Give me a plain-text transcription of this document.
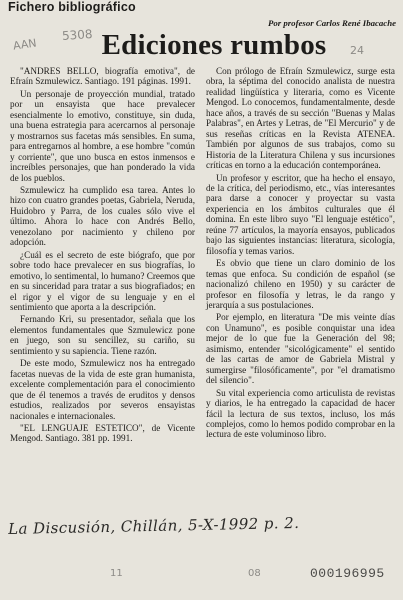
Fichero bibliográfico
Por profesor Carlos René Ibacache
Ediciones rumbos
AAN
5308
24

"ANDRES BELLO, biografía emotiva", de Efraín Szmulewicz. Santiago. 191 páginas. 1991.

Un personaje de proyección mundial, tratado por un ensayista que hace prevalecer esencialmente lo emotivo, constituye, sin duda, una buena estrategia para acercarnos al personaje y mostrarnos sus facetas más sensibles. En suma, para entregarnos al hombre, a ese hombre "común y corriente", que uno busca en estos inmensos e increíbles personajes, que han ponderado la vida de los pueblos.

Szmulewicz ha cumplido esa tarea. Antes lo hizo con cuatro grandes poetas, Gabriela, Neruda, Huidobro y Parra, de los cuales sólo vive el último. Ahora lo hace con Andrés Bello, venezolano por nacimiento y chileno por adopción.

¿Cuál es el secreto de este biógrafo, que por sobre todo hace prevalecer en sus biografías, lo emotivo, lo sentimental, lo humano? Creemos que en su sinceridad para tratar a sus biografiados; en el rigor y el vigor de su lenguaje y en el sentimiento que aporta a la descripción.

Fernando Kri, su presentador, señala que los elementos fundamentales que Szmulewicz pone en juego, son su sencillez, su cariño, su sentimiento y su sapiencia. Tiene razón.

De este modo, Szmulewicz nos ha entregado facetas nuevas de la vida de este gran humanista, excelente complementación para el conocimiento que de él tenemos a través de eruditos y densos estudios, realizados por severos ensayistas nacionales e internacionales.

"EL LENGUAJE ESTETICO", de Vicente Mengod. Santiago. 381 pp. 1991.

Con prólogo de Efraín Szmulewicz, surge esta obra, la séptima del conocido analista de nuestra realidad lingüística y literaria, como es Vicente Mengod. Lo conocemos, fundamentalmente, desde hace años, a través de su sección "Buenas y Malas Palabras", en Artes y Letras, de "El Mercurio" y de sus reseñas críticas en la Revista ATENEA. También por algunos de sus trabajos, como su Historia de la Literatura Chilena y sus incursiones críticas en torno a la educación contemporánea.

Un profesor y escritor, que ha hecho el ensayo, de la crítica, del periodismo, etc., vías interesantes para darse a conocer y proyectar su vasta experiencia en los ámbitos culturales que él domina. En este libro suyo "El lenguaje estético", reúne 77 artículos, la mayoría ensayos, publicados bajo las siguientes instancias: literatura, sicología, filosofía y temas varios.

Es obvio que tiene un claro dominio de los temas que enfoca. Su condición de español (se nacionalizó chileno en 1950) y su carácter de profesor en filosofía y letras, le da rango y jerarquía a sus postulaciones.

Por ejemplo, en literatura "De mis veinte días con Unamuno", es posible conquistar una idea mejor de lo que fue la Generación del 98; asimismo, entender "sicológicamente" el sentido de las cartas de amor de Gabriela Mistral y sumergirse "filosóficamente", por "el dramatismo del silencio".

Su vital experiencia como articulista de revistas y diarios, le ha entregado la capacidad de hacer fácil la lectura de sus textos, incluso, los más complejos, como lo hemos podido comprobar en la lectura de este voluminoso libro.

La Discusión, Chillán, 5-X-1992 p. 2.
11	08	000196995
